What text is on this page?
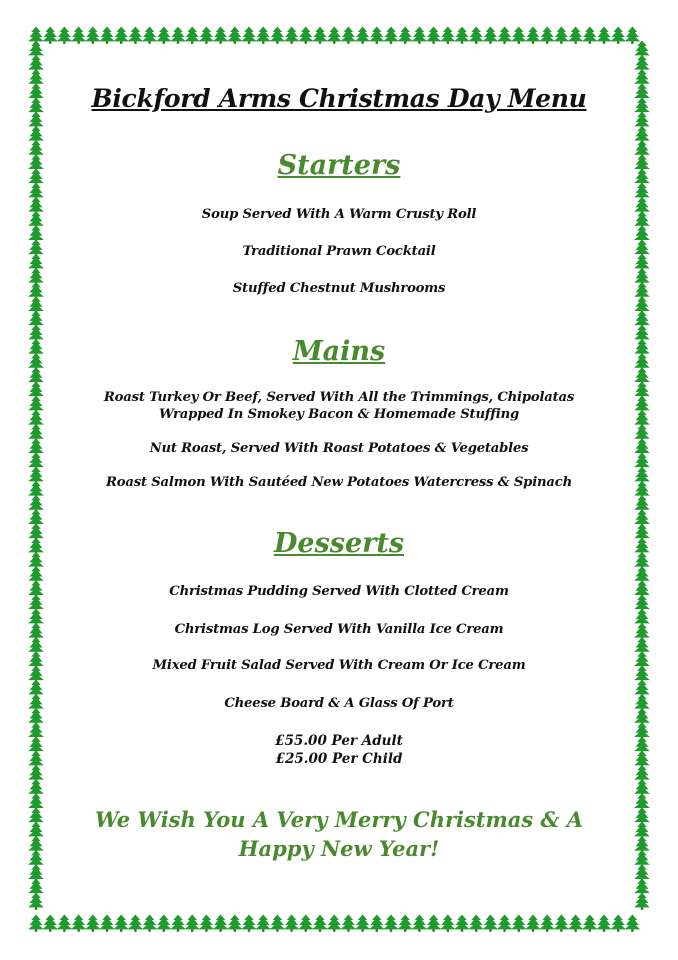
Bickford Arms Christmas Day Menu
Starters
Soup Served With A Warm Crusty Roll
Traditional Prawn Cocktail
Stuffed Chestnut Mushrooms
Mains
Roast Turkey Or Beef, Served With All the Trimmings, Chipolatas
Wrapped In Smokey Bacon & Homemade Stuffing
Nut Roast, Served With Roast Potatoes & Vegetables
Roast Salmon With Sautéed New Potatoes Watercress & Spinach
Desserts
Christmas Pudding Served With Clotted Cream
Christmas Log Served With Vanilla Ice Cream
Mixed Fruit Salad Served With Cream Or Ice Cream
Cheese Board & A Glass Of Port
£55.00 Per Adult
£25.00 Per Child
We Wish You A Very Merry Christmas & A
Happy New Year!
